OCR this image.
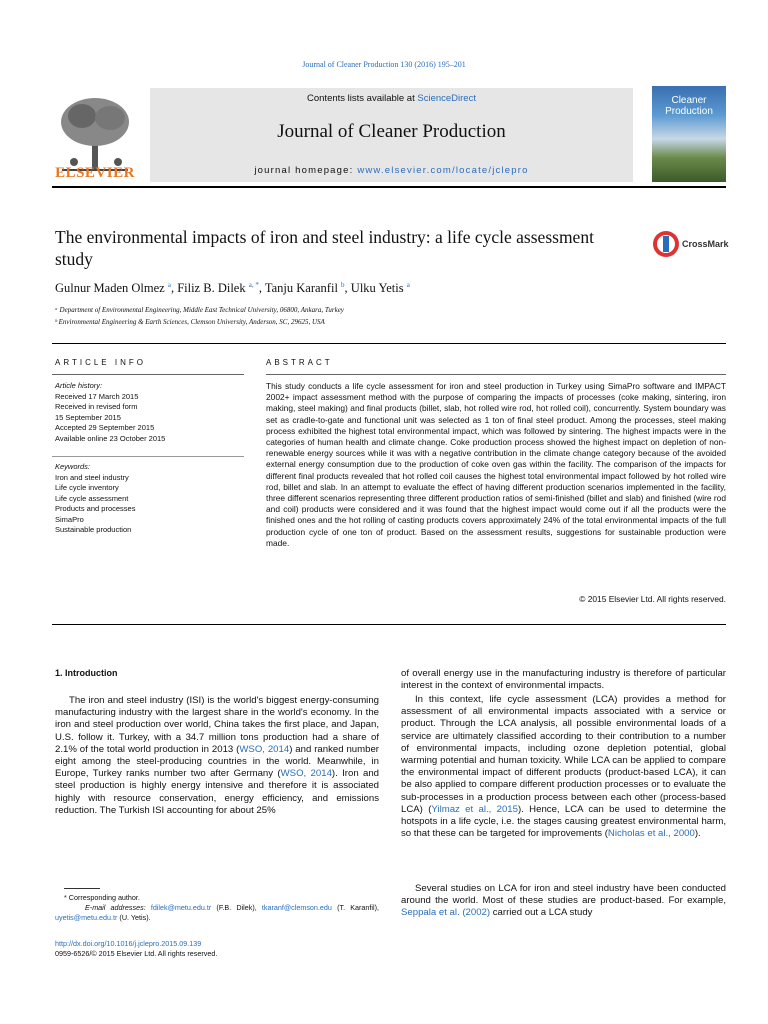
Journal of Cleaner Production 130 (2016) 195–201
ELSEVIER
Contents lists available at ScienceDirect
Journal of Cleaner Production
journal homepage: www.elsevier.com/locate/jclepro
Cleaner
Production
The environmental impacts of iron and steel industry: a life cycle assessment study
CrossMark
Gulnur Maden Olmez $^a$, Filiz B. Dilek $^{a, *}$, Tanju Karanfil $^b$, Ulku Yetis $^a$
ᵃ Department of Environmental Engineering, Middle East Technical University, 06800, Ankara, Turkey
ᵇ Environmental Engineering & Earth Sciences, Clemson University, Anderson, SC, 29625, USA
ARTICLE INFO
Article history:
Received 17 March 2015
Received in revised form
15 September 2015
Accepted 29 September 2015
Available online 23 October 2015
Keywords:
Iron and steel industry
Life cycle inventory
Life cycle assessment
Products and processes
SimaPro
Sustainable production
ABSTRACT
This study conducts a life cycle assessment for iron and steel production in Turkey using SimaPro software and IMPACT 2002+ impact assessment method with the purpose of comparing the impacts of processes (coke making, sintering, iron making, steel making) and final products (billet, slab, hot rolled wire rod, hot rolled coil), concurrently. System boundary was set as cradle-to-gate and functional unit was selected as 1 ton of final steel product. Among the processes, steel making process exhibited the highest total environmental impact, which was followed by sintering. The highest impacts were in the categories of human health and climate change. Coke production process showed the highest impact on depletion of non-renewable energy sources while it was with a negative contribution in the climate change category because of the avoided external energy consumption due to the production of coke oven gas within the facility. The comparison of the impacts for different final products revealed that hot rolled coil causes the highest total environmental impact followed by hot rolled wire rod, billet and slab. In an attempt to evaluate the effect of having different production scenarios implemented in the facility, three different scenarios representing three different production ratios of semi-finished (billet and slab) and finished (wire rod and coil) products were considered and it was found that the highest impact would come out if all the products were the finished ones and the hot rolling of casting products covers approximately 24% of the total environmental impacts of the full production cycle of one ton of product. Based on the assessment results, suggestions for sustainable production were made.
© 2015 Elsevier Ltd. All rights reserved.
1. Introduction
The iron and steel industry (ISI) is the world's biggest energy-consuming manufacturing industry with the largest share in the world's economy. In the iron and steel production over world, China takes the first place, and Japan, U.S. follow it. Turkey, with a 34.7 million tons production had a share of 2.1% of the total world production in 2013 (WSO, 2014) and ranked number eight among the steel-producing countries in the world. Meanwhile, in Europe, Turkey ranks number two after Germany (WSO, 2014). Iron and steel production is highly energy intensive and therefore it is associated highly with resource conservation, energy efficiency, and emissions reduction. The Turkish ISI accounting for about 25%
of overall energy use in the manufacturing industry is therefore of particular interest in the context of environmental impacts.
In this context, life cycle assessment (LCA) provides a method for assessment of all environmental impacts associated with a service or product. Through the LCA analysis, all possible environmental loads of a service are ultimately classified according to their contribution to a number of environmental impacts, including ozone depletion potential, global warming potential and human toxicity. While LCA can be applied to compare the environmental impact of different products (product-based LCA), it can be also applied to compare different production processes or to evaluate the sub-processes in a production process between each other (process-based LCA) (Yilmaz et al., 2015). Hence, LCA can be used to determine the hotspots in a life cycle, i.e. the stages causing greatest environmental harm, so that these can be targeted for improvements (Nicholas et al., 2000).
Several studies on LCA for iron and steel industry have been conducted around the world. Most of these studies are product-based. For example, Seppala et al. (2002) carried out a LCA study
* Corresponding author.
E-mail addresses: fdilek@metu.edu.tr (F.B. Dilek), tkaranf@clemson.edu (T. Karanfil), uyetis@metu.edu.tr (U. Yetis).
http://dx.doi.org/10.1016/j.jclepro.2015.09.139
0959-6526/© 2015 Elsevier Ltd. All rights reserved.
